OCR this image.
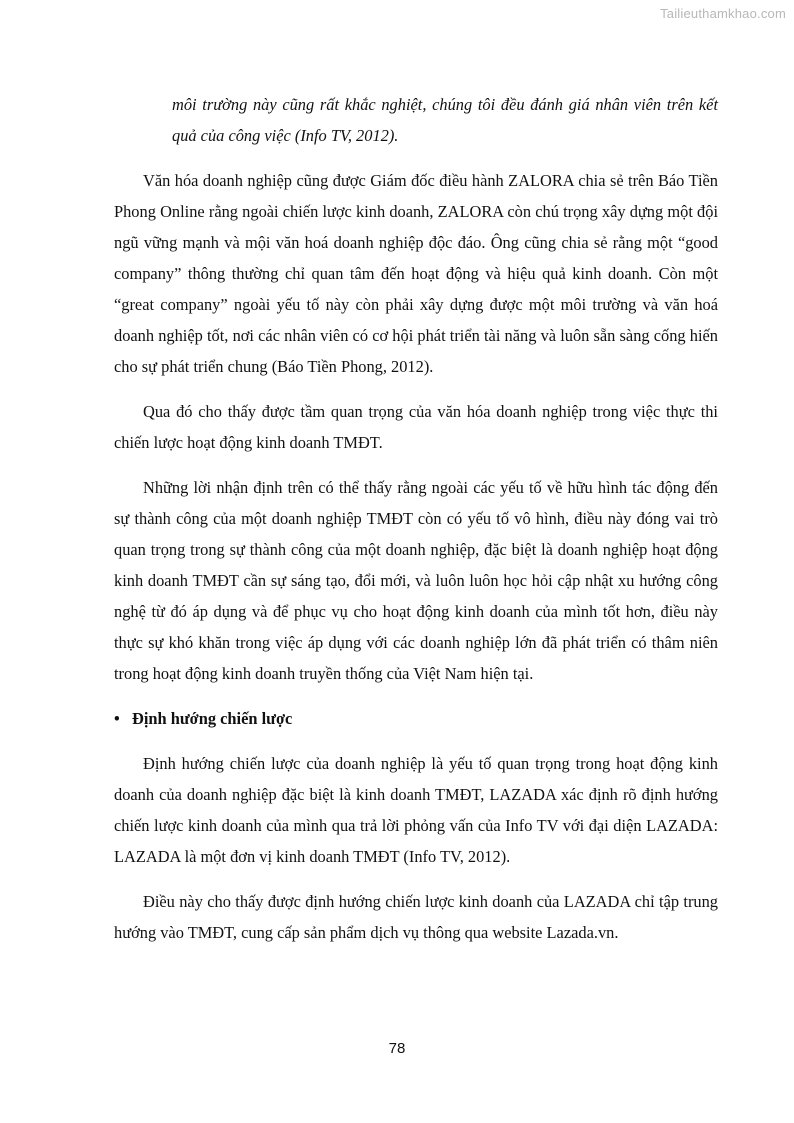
Tailieuthamkhao.com

môi trường này cũng rất khắc nghiệt, chúng tôi đều đánh giá nhân viên trên kết quả của công việc (Info TV, 2012).

Văn hóa doanh nghiệp cũng được Giám đốc điều hành ZALORA chia sẻ trên Báo Tiền Phong Online rằng ngoài chiến lược kinh doanh, ZALORA còn chú trọng xây dựng một đội ngũ vững mạnh và mội văn hoá doanh nghiệp độc đáo. Ông cũng chia sẻ rằng một “good company” thông thường chỉ quan tâm đến hoạt động và hiệu quả kinh doanh. Còn một “great company” ngoài yếu tố này còn phải xây dựng được một môi trường và văn hoá doanh nghiệp tốt, nơi các nhân viên có cơ hội phát triển tài năng và luôn sẵn sàng cống hiến cho sự phát triển chung (Báo Tiền Phong, 2012).

Qua đó cho thấy được tầm quan trọng của văn hóa doanh nghiệp trong việc thực thi chiến lược hoạt động kinh doanh TMĐT.

Những lời nhận định trên có thể thấy rằng ngoài các yếu tố về hữu hình tác động đến sự thành công của một doanh nghiệp TMĐT còn có yếu tố vô hình, điều này đóng vai trò quan trọng trong sự thành công của một doanh nghiệp, đặc biệt là doanh nghiệp hoạt động kinh doanh TMĐT cần sự sáng tạo, đổi mới, và luôn luôn học hỏi cập nhật xu hướng công nghệ từ đó áp dụng và để phục vụ cho hoạt động kinh doanh của mình tốt hơn, điều này thực sự khó khăn trong việc áp dụng với các doanh nghiệp lớn đã phát triển có thâm niên trong hoạt động kinh doanh truyền thống của Việt Nam hiện tại.

• Định hướng chiến lược

Định hướng chiến lược của doanh nghiệp là yếu tố quan trọng trong hoạt động kinh doanh của doanh nghiệp đặc biệt là kinh doanh TMĐT, LAZADA xác định rõ định hướng chiến lược kinh doanh của mình qua trả lời phỏng vấn của Info TV với đại diện LAZADA: LAZADA là một đơn vị kinh doanh TMĐT (Info TV, 2012).

Điều này cho thấy được định hướng chiến lược kinh doanh của LAZADA chỉ tập trung hướng vào TMĐT, cung cấp sản phẩm dịch vụ thông qua website Lazada.vn.

78
